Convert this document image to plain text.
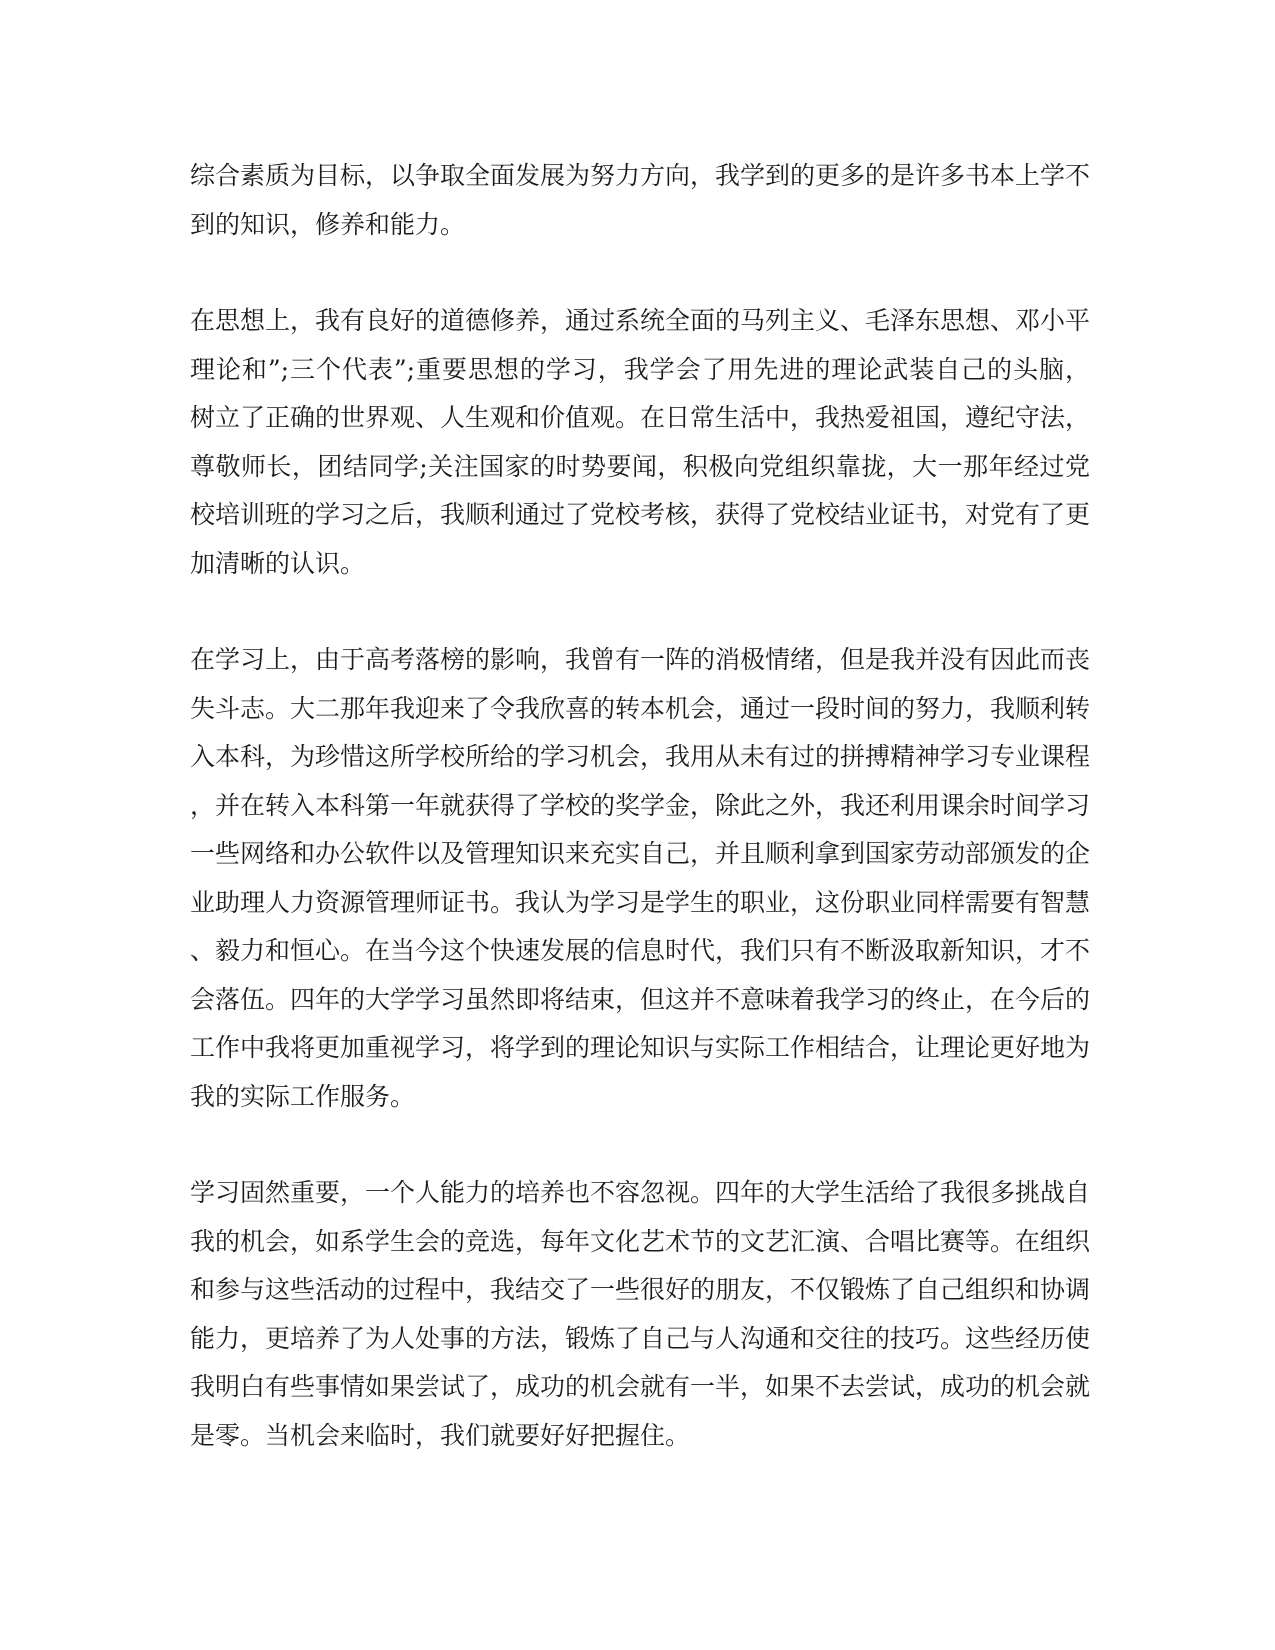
综合素质为目标，以争取全面发展为努力方向，我学到的更多的是许多书本上学不
到的知识，修养和能力。
在思想上，我有良好的道德修养，通过系统全面的马列主义、毛泽东思想、邓小平
理论和”;三个代表”;重要思想的学习，我学会了用先进的理论武装自己的头脑，
树立了正确的世界观、人生观和价值观。在日常生活中，我热爱祖国，遵纪守法，
尊敬师长，团结同学;关注国家的时势要闻，积极向党组织靠拢，大一那年经过党
校培训班的学习之后，我顺利通过了党校考核，获得了党校结业证书，对党有了更
加清晰的认识。
在学习上，由于高考落榜的影响，我曾有一阵的消极情绪，但是我并没有因此而丧
失斗志。大二那年我迎来了令我欣喜的转本机会，通过一段时间的努力，我顺利转
入本科，为珍惜这所学校所给的学习机会，我用从未有过的拼搏精神学习专业课程
，并在转入本科第一年就获得了学校的奖学金，除此之外，我还利用课余时间学习
一些网络和办公软件以及管理知识来充实自己，并且顺利拿到国家劳动部颁发的企
业助理人力资源管理师证书。我认为学习是学生的职业，这份职业同样需要有智慧
、毅力和恒心。在当今这个快速发展的信息时代，我们只有不断汲取新知识，才不
会落伍。四年的大学学习虽然即将结束，但这并不意味着我学习的终止，在今后的
工作中我将更加重视学习，将学到的理论知识与实际工作相结合，让理论更好地为
我的实际工作服务。
学习固然重要，一个人能力的培养也不容忽视。四年的大学生活给了我很多挑战自
我的机会，如系学生会的竞选，每年文化艺术节的文艺汇演、合唱比赛等。在组织
和参与这些活动的过程中，我结交了一些很好的朋友，不仅锻炼了自己组织和协调
能力，更培养了为人处事的方法，锻炼了自己与人沟通和交往的技巧。这些经历使
我明白有些事情如果尝试了，成功的机会就有一半，如果不去尝试，成功的机会就
是零。当机会来临时，我们就要好好把握住。
